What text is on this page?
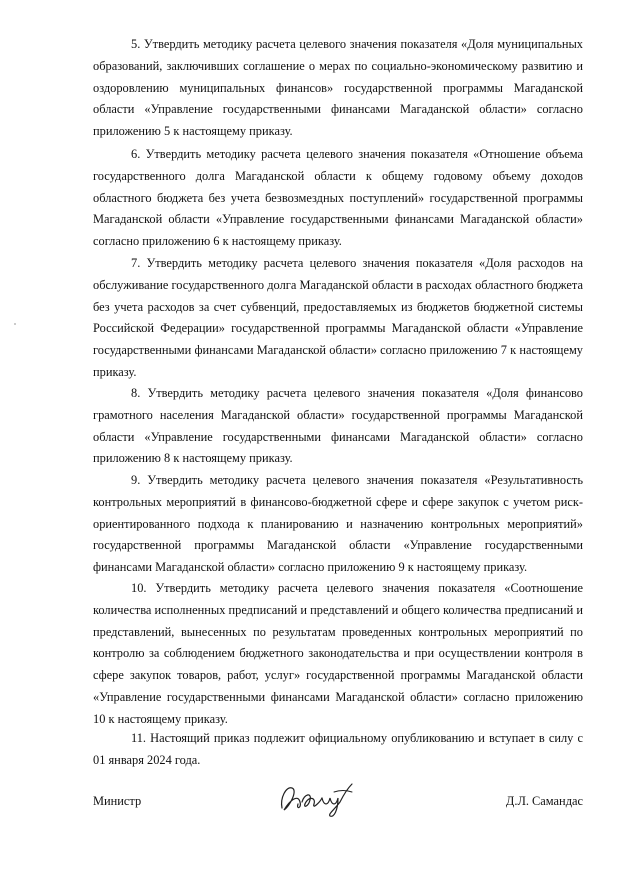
5. Утвердить методику расчета целевого значения показателя «Доля муниципальных образований, заключивших соглашение о мерах по социально-экономическому развитию и оздоровлению муниципальных финансов» государственной программы Магаданской области «Управление государственными финансами Магаданской области» согласно приложению 5 к настоящему приказу.

6. Утвердить методику расчета целевого значения показателя «Отношение объема государственного долга Магаданской области к общему годовому объему доходов областного бюджета без учета безвозмездных поступлений» государственной программы Магаданской области «Управление государственными финансами Магаданской области» согласно приложению 6 к настоящему приказу.

7. Утвердить методику расчета целевого значения показателя «Доля расходов на обслуживание государственного долга Магаданской области в расходах областного бюджета без учета расходов за счет субвенций, предоставляемых из бюджетов бюджетной системы Российской Федерации» государственной программы Магаданской области «Управление государственными финансами Магаданской области» согласно приложению 7 к настоящему приказу.

8. Утвердить методику расчета целевого значения показателя «Доля финансово грамотного населения Магаданской области» государственной программы Магаданской области «Управление государственными финансами Магаданской области» согласно приложению 8 к настоящему приказу.

9. Утвердить методику расчета целевого значения показателя «Результативность контрольных мероприятий в финансово-бюджетной сфере и сфере закупок с учетом риск-ориентированного подхода к планированию и назначению контрольных мероприятий» государственной программы Магаданской области «Управление государственными финансами Магаданской области» согласно приложению 9 к настоящему приказу.

10. Утвердить методику расчета целевого значения показателя «Соотношение количества исполненных предписаний и представлений и общего количества предписаний и представлений, вынесенных по результатам проведенных контрольных мероприятий по контролю за соблюдением бюджетного законодательства и при осуществлении контроля в сфере закупок товаров, работ, услуг» государственной программы Магаданской области «Управление государственными финансами Магаданской области» согласно приложению 10 к настоящему приказу.

11. Настоящий приказ подлежит официальному опубликованию и вступает в силу с 01 января 2024 года.

Министр	Д.Л. Самандас
